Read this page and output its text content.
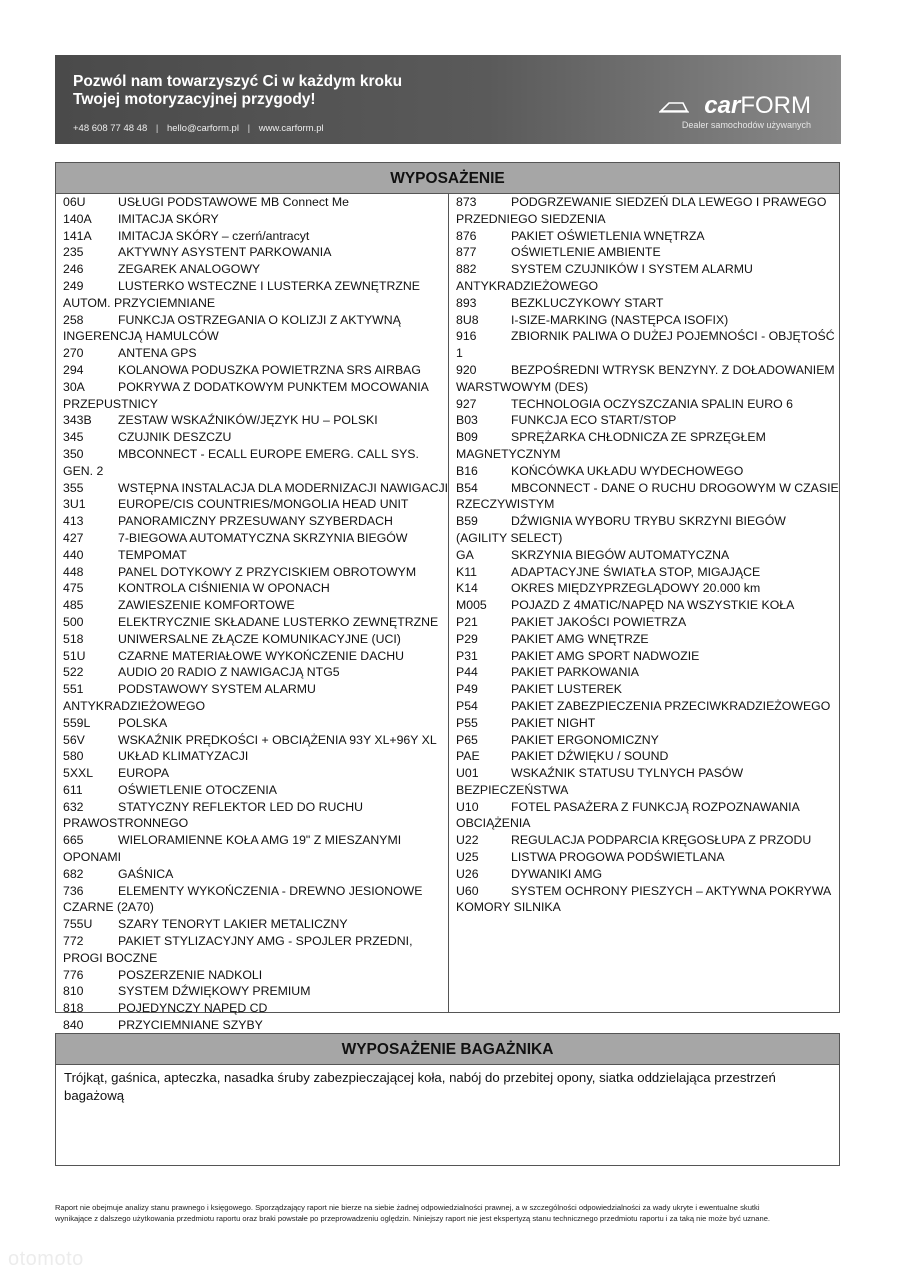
Pozwól nam towarzyszyć Ci w każdym kroku
Twojej motoryzacyjnej przygody!
+48 608 77 48 48 | hello@carform.pl | www.carform.pl
carFORM
Dealer samochodów używanych
WYPOSAŻENIE
06U	USŁUGI PODSTAWOWE MB Connect Me
140A IMITACJA SKÓRY
141A IMITACJA SKÓRY – czerń/antracyt
235	AKTYWNY ASYSTENT PARKOWANIA
246	ZEGAREK ANALOGOWY
249	LUSTERKO WSTECZNE I LUSTERKA ZEWNĘTRZNE AUTOM. PRZYCIEMNIANE
258	FUNKCJA OSTRZEGANIA O KOLIZJI Z AKTYWNĄ INGERENCJĄ HAMULCÓW
270	ANTENA GPS
294	KOLANOWA PODUSZKA POWIETRZNA SRS AIRBAG
30A	POKRYWA Z DODATKOWYM PUNKTEM MOCOWANIA PRZEPUSTNICY
343B ZESTAW WSKAŹNIKÓW/JĘZYK HU – POLSKI
345	CZUJNIK DESZCZU
350	MBCONNECT - ECALL EUROPE EMERG. CALL SYS. GEN. 2
355	WSTĘPNA INSTALACJA DLA MODERNIZACJI NAWIGACJI
3U1	EUROPE/CIS COUNTRIES/MONGOLIA HEAD UNIT
413	PANORAMICZNY PRZESUWANY SZYBERDACH
427	7-BIEGOWA AUTOMATYCZNA SKRZYNIA BIEGÓW
440	TEMPOMAT
448	PANEL DOTYKOWY Z PRZYCISKIEM OBROTOWYM
475	KONTROLA CIŚNIENIA W OPONACH
485	ZAWIESZENIE KOMFORTOWE
500	ELEKTRYCZNIE SKŁADANE LUSTERKO ZEWNĘTRZNE
518	UNIWERSALNE ZŁĄCZE KOMUNIKACYJNE (UCI)
51U	CZARNE MATERIAŁOWE WYKOŃCZENIE DACHU
522	AUDIO 20 RADIO Z NAWIGACJĄ NTG5
551	PODSTAWOWY SYSTEM ALARMU ANTYKRADZIEŻOWEGO
559L POLSKA
56V	WSKAŹNIK PRĘDKOŚCI + OBCIĄŻENIA 93Y XL+96Y XL
580	UKŁAD KLIMATYZACJI
5XXL EUROPA
611	OŚWIETLENIE OTOCZENIA
632	STATYCZNY REFLEKTOR LED DO RUCHU PRAWOSTRONNEGO
665	WIELORAMIENNE KOŁA AMG 19" Z MIESZANYMI OPONAMI
682	GAŚNICA
736	ELEMENTY WYKOŃCZENIA - DREWNO JESIONOWE CZARNE (2A70)
755U SZARY TENORYT LAKIER METALICZNY
772	PAKIET STYLIZACYJNY AMG - SPOJLER PRZEDNI, PROGI BOCZNE
776	POSZERZENIE NADKOLI
810	SYSTEM DŹWIĘKOWY PREMIUM
818	POJEDYNCZY NAPĘD CD
840	PRZYCIEMNIANE SZYBY
873	PODGRZEWANIE SIEDZEŃ DLA LEWEGO I PRAWEGO PRZEDNIEGO SIEDZENIA
876	PAKIET OŚWIETLENIA WNĘTRZA
877	OŚWIETLENIE AMBIENTE
882	SYSTEM CZUJNIKÓW I SYSTEM ALARMU ANTYKRADZIEŻOWEGO
893	BEZKLUCZYKOWY START
8U8	I-SIZE-MARKING (NASTĘPCA ISOFIX)
916	ZBIORNIK PALIWA O DUŻEJ POJEMNOŚCI - OBJĘTOŚĆ 1
920	BEZPOŚREDNI WTRYSK BENZYNY. Z DOŁADOWANIEM WARSTWOWYM (DES)
927	TECHNOLOGIA OCZYSZCZANIA SPALIN EURO 6
B03	FUNKCJA ECO START/STOP
B09	SPRĘŻARKA CHŁODNICZA ZE SPRZĘGŁEM MAGNETYCZNYM
B16	KOŃCÓWKA UKŁADU WYDECHOWEGO
B54	MBCONNECT - DANE O RUCHU DROGOWYM W CZASIE RZECZYWISTYM
B59	DŹWIGNIA WYBORU TRYBU SKRZYNI BIEGÓW (AGILITY SELECT)
GA	SKRZYNIA BIEGÓW AUTOMATYCZNA
K11	ADAPTACYJNE ŚWIATŁA STOP, MIGAJĄCE
K14	OKRES MIĘDZYPRZEGLĄDOWY 20.000 km
M005 POJAZD Z 4MATIC/NAPĘD NA WSZYSTKIE KOŁA
P21	PAKIET JAKOŚCI POWIETRZA
P29	PAKIET AMG WNĘTRZE
P31	PAKIET AMG SPORT NADWOZIE
P44	PAKIET PARKOWANIA
P49	PAKIET LUSTEREK
P54	PAKIET ZABEZPIECZENIA PRZECIWKRADZIEŻOWEGO
P55	PAKIET NIGHT
P65	PAKIET ERGONOMICZNY
PAE	PAKIET DŹWIĘKU / SOUND
U01	WSKAŹNIK STATUSU TYLNYCH PASÓW BEZPIECZEŃSTWA
U10	FOTEL PASAŻERA Z FUNKCJĄ ROZPOZNAWANIA OBCIĄŻENIA
U22	REGULACJA PODPARCIA KRĘGOSŁUPA Z PRZODU
U25	LISTWA PROGOWA PODŚWIETLANA
U26	DYWANIKI AMG
U60	SYSTEM OCHRONY PIESZYCH – AKTYWNA POKRYWA KOMORY SILNIKA
WYPOSAŻENIE BAGAŻNIKA
Trójkąt, gaśnica, apteczka, nasadka śruby zabezpieczającej koła, nabój do przebitej opony, siatka oddzielająca przestrzeń bagażową
Raport nie obejmuje analizy stanu prawnego i księgowego. Sporządzający raport nie bierze na siebie żadnej odpowiedzialności prawnej, a w szczególności odpowiedzialności za wady ukryte i ewentualne skutki
wynikające z dalszego użytkowania przedmiotu raportu oraz braki powstałe po przeprowadzeniu oględzin. Niniejszy raport nie jest ekspertyzą stanu technicznego przedmiotu raportu i za taką nie może być uznane.
otomoto
